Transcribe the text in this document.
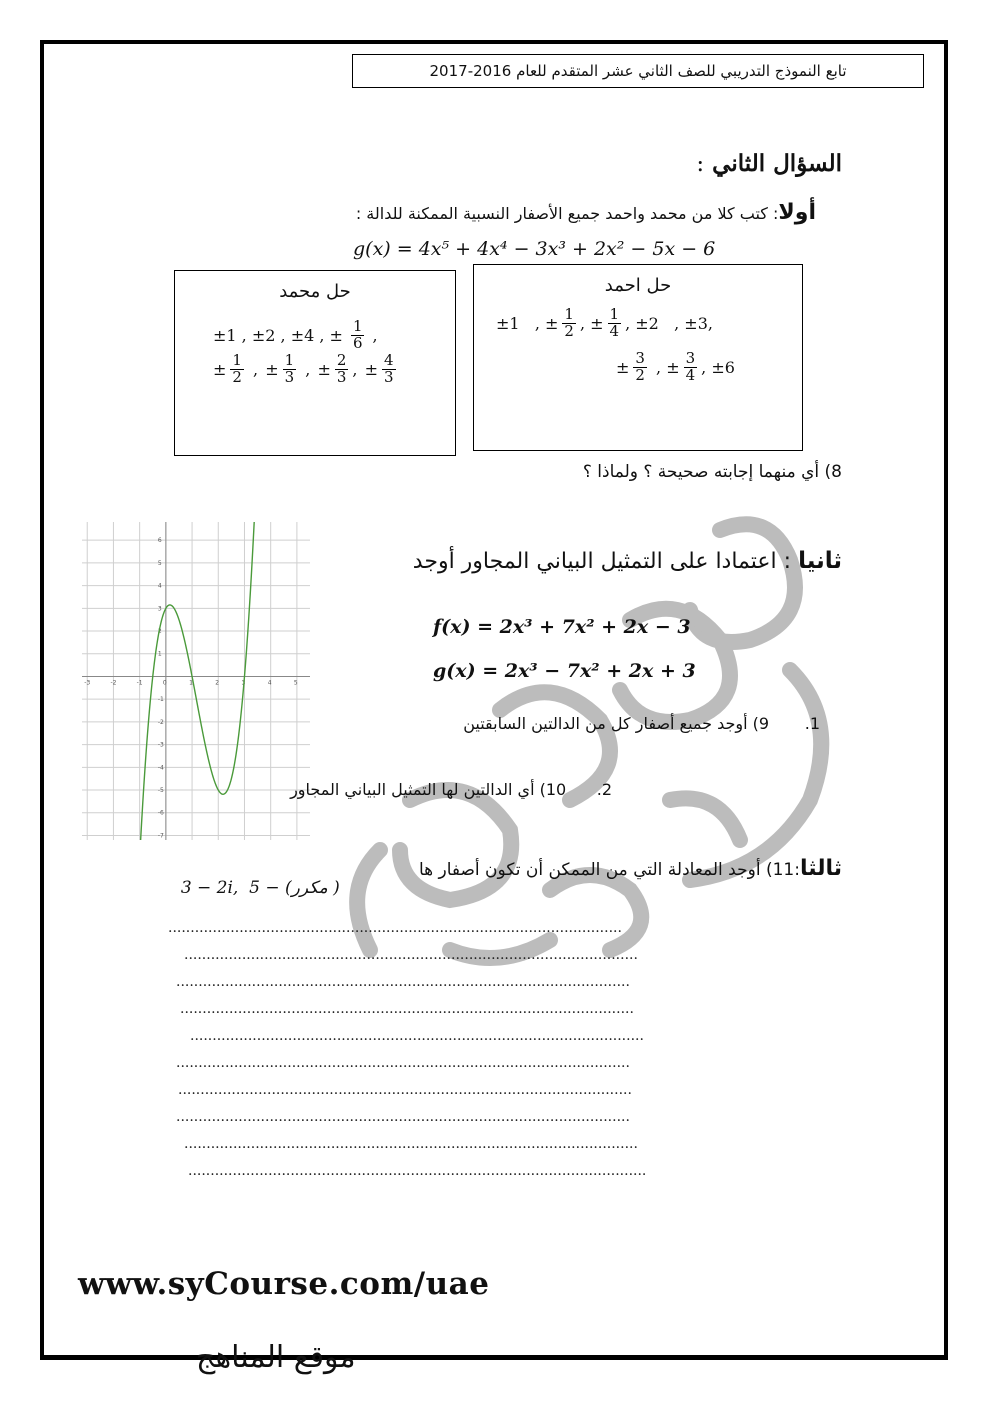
تابع النموذج التدريبي للصف الثاني عشر المتقدم للعام 2016-2017
السؤال الثاني :
أولا: كتب كلا من محمد واحمد جميع الأصفار النسبية الممكنة للدالة :
g(x) = 4x⁵ + 4x⁴ − 3x³ + 2x² − 5x − 6
حل محمد
±1 , ±2 , ±4 , ± $\frac{1}{6}$ ,
± $\frac{1}{2}$ , ± $\frac{1}{3}$ , ± $\frac{2}{3}$ , ± $\frac{4}{3}$
حل احمد
±1   , ± $\frac{1}{2}$ , ± $\frac{1}{4}$ , ±2   , ±3,
± $\frac{3}{2}$ , ± $\frac{3}{4}$ , ±6
8) أي منهما إجابته صحيحة ؟ ولماذا ؟
-3	-2	-1	0	1	2	3	4	5
6
5
4
3
2
1
-1
-2
-3
-4
-5
-6
-7
ثانيا : اعتمادا على التمثيل البياني المجاور أوجد
f(x) = 2x³ + 7x² + 2x − 3
g(x) = 2x³ − 7x² + 2x + 3
1.       9) أوجد جميع أصفار كل من الدالتين السابقتين
2.      10) أي الدالتين لها التمثيل البياني المجاور
ثالثا:11) أوجد المعادلة التي من الممكن أن تكون أصفار ها

3 − 2i,  5 − (مكرر )

......................................................................................................
......................................................................................................
......................................................................................................
......................................................................................................
......................................................................................................
......................................................................................................
......................................................................................................
......................................................................................................
......................................................................................................
.......................................................................................................
www.syCourse.com/uae
موقع المناهج
